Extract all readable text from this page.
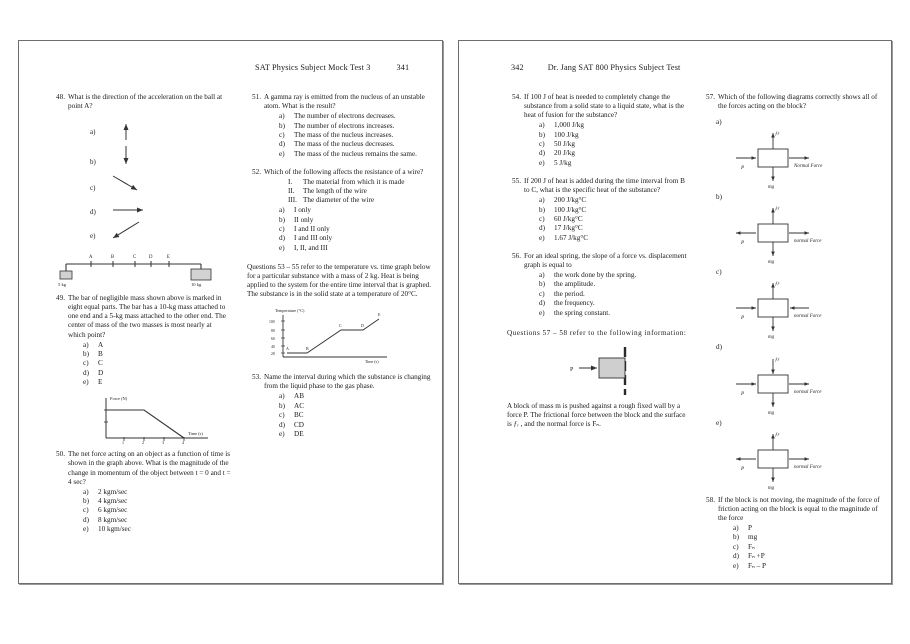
SAT Physics Subject Mock Test 3	341
48. What is the direction of the acceleration on the ball at point A?
a)
b)
c)
d)
e)
A	B	C	D	E
5 kg	10 kg
49. The bar of negligible mass shown above is marked in eight equal parts. The bar has a 10-kg mass attached to one end and a 5-kg mass attached to the other end. The center of mass of the two masses is most nearly at which point?
a) A
b) B
c) C
d) D
e) E
Force (N)
Time (s)
1	2	3	4
50. The net force acting on an object as a function of time is shown in the graph above. What is the magnitude of the change in momentum of the object between t = 0 and t = 4 sec?
a) 2 kgm/sec
b) 4 kgm/sec
c) 6 kgm/sec
d) 8 kgm/sec
e) 10 kgm/sec
51. A gamma ray is emitted from the nucleus of an unstable atom. What is the result?
a) The number of electrons decreases.
b) The number of electrons increases.
c) The mass of the nucleus increases.
d) The mass of the nucleus decreases.
e) The mass of the nucleus remains the same.
52. Which of the following affects the resistance of a wire?
I. The material from which it is made
II. The length of the wire
III. The diameter of the wire
a) I only
b) II only
c) I and II only
d) I and III only
e) I, II, and III
Questions 53 – 55 refer to the temperature vs. time graph below for a particular substance with a mass of 2 kg. Heat is being applied to the system for the entire time interval that is graphed. The substance is in the solid state at a temperature of 20°C.
Temperature (°C)
100
80
60
40
20
A	B
C	D
E
Time (s)
53. Name the interval during which the substance is changing from the liquid phase to the gas phase.
a) AB
b) AC
c) BC
d) CD
e) DE
342	Dr. Jang SAT 800 Physics Subject Test
54. If 100 J of heat is needed to completely change the substance from a solid state to a liquid state, what is the heat of fusion for the substance?
a) 1,000 J/kg
b) 100 J/kg
c) 50 J/kg
d) 20 J/kg
e) 5 J/kg
55. If 200 J of heat is added during the time interval from B to C, what is the specific heat of the substance?
a) 200 J/kg°C
b) 100 J/kg°C
c) 60 J/kg°C
d) 17 J/kg°C
e) 1.67 J/kg°C
56. For an ideal spring, the slope of a force vs. displacement graph is equal to
a) the work done by the spring.
b) the amplitude.
c) the period.
d) the frequency.
e) the spring constant.
Questions 57 – 58 refer to the following information:
P
A block of mass m is pushed against a rough fixed wall by a force P. The frictional force between the block and the surface is ƒᵣ , and the normal force is Fₙ.
57. Which of the following diagrams correctly shows all of the forces acting on the block?
a)
ƒr
P	Normal Force
mg
b)
ƒr
P	normal Force
mg
c)
ƒr
P	normal Force
mg
d)
ƒr
P	normal Force
mg
e)
ƒr
P	normal Force
mg
58. If the block is not moving, the magnitude of the force of friction acting on the block is equal to the magnitude of the force
a) P
b) mg
c) Fₙ
d) Fₙ +P
e) Fₙ – P
